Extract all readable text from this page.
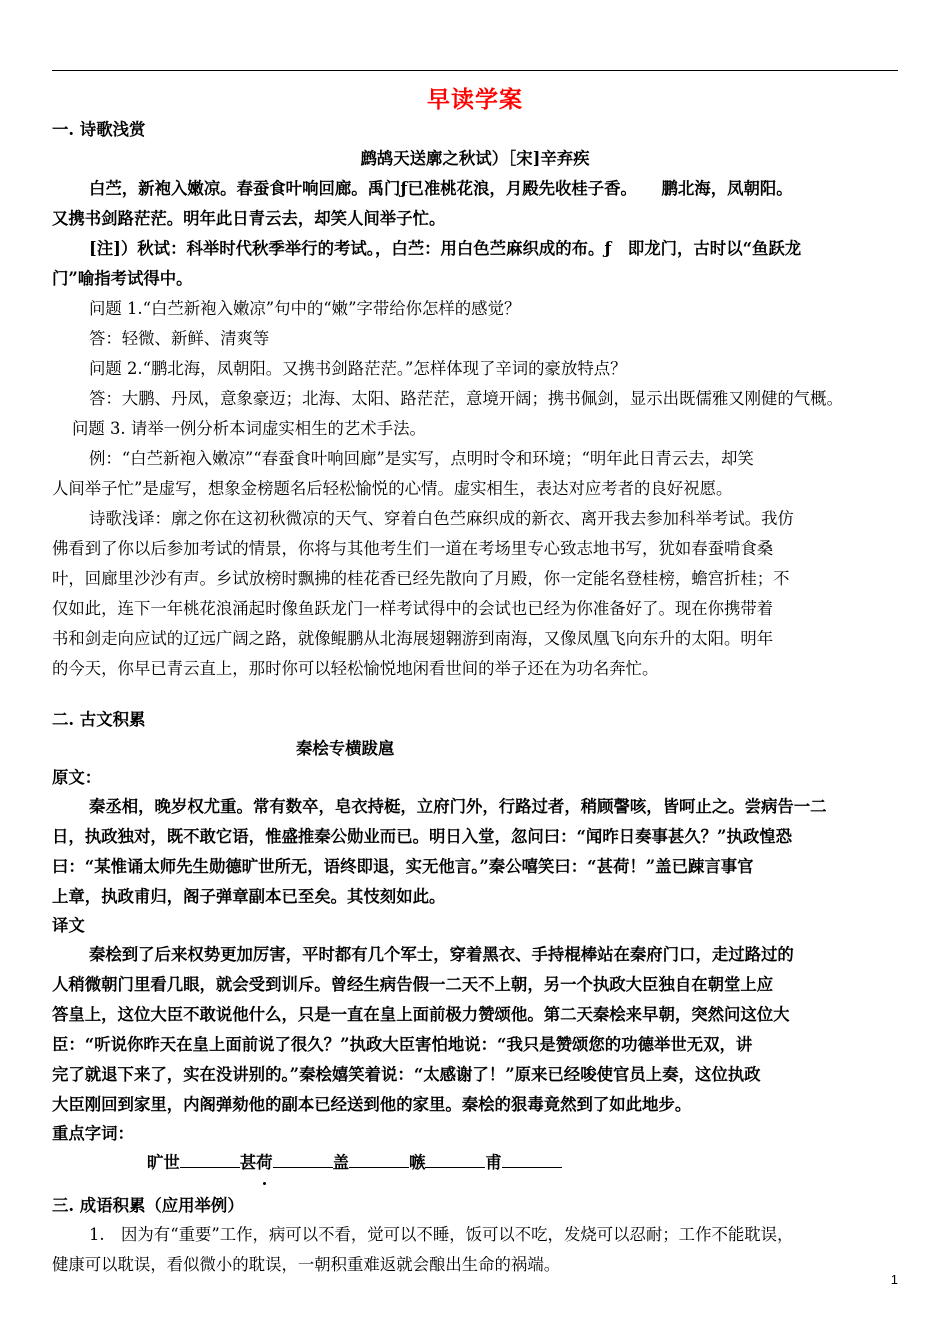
早读学案
一. 诗歌浅赏
鹧鸪天送廓之秋试）［宋]辛弃疾
白苎，新袍入嫩凉。春蚕食叶响回廊。禹门ƒ已准桃花浪，月殿先收桂子香。　　鹏北海，凤朝阳。
又携书剑路茫茫。明年此日青云去，却笑人间举子忙。
[注]）秋试：科举时代秋季举行的考试。，白苎：用白色苎麻织成的布。ƒ　即龙门，古时以“鱼跃龙
门”喻指考试得中。
问题 1.“白苎新袍入嫩凉”句中的“嫩”字带给你怎样的感觉？
答：轻微、新鲜、清爽等
问题 2.“鹏北海，凤朝阳。又携书剑路茫茫。”怎样体现了辛词的豪放特点？
答：大鹏、丹凤，意象豪迈；北海、太阳、路茫茫，意境开阔；携书佩剑，显示出既儒雅又刚健的气概。
问题 3. 请举一例分析本词虚实相生的艺术手法。
例：“白苎新袍入嫩凉”“春蚕食叶响回廊”是实写，点明时令和环境；“明年此日青云去，却笑
人间举子忙”是虚写，想象金榜题名后轻松愉悦的心情。虚实相生，表达对应考者的良好祝愿。
诗歌浅译：廓之你在这初秋微凉的天气、穿着白色苎麻织成的新衣、离开我去参加科举考试。我仿
佛看到了你以后参加考试的情景，你将与其他考生们一道在考场里专心致志地书写，犹如春蚕啃食桑
叶，回廊里沙沙有声。乡试放榜时飘拂的桂花香已经先散向了月殿，你一定能名登桂榜，蟾宫折桂；不
仅如此，连下一年桃花浪涌起时像鱼跃龙门一样考试得中的会试也已经为你准备好了。现在你携带着
书和剑走向应试的辽远广阔之路，就像鲲鹏从北海展翅翱游到南海，又像凤凰飞向东升的太阳。明年
的今天，你早已青云直上，那时你可以轻松愉悦地闲看世间的举子还在为功名奔忙。
二. 古文积累
秦桧专横跋扈
原文：
秦丞相，晚岁权尤重。常有数卒，皂衣持梃，立府门外，行路过者，稍顾謦咳，皆呵止之。尝病告一二
日，执政独对，既不敢它语，惟盛推秦公勋业而已。明日入堂，忽问曰：“闻昨日奏事甚久？”执政惶恐
曰：“某惟诵太师先生勋德旷世所无，语终即退，实无他言。”秦公嘻笑曰：“甚荷！”盖已踈言事官
上章，执政甫归，阁子弹章副本已至矣。其忮刻如此。
译文
秦桧到了后来权势更加厉害，平时都有几个军士，穿着黑衣、手持棍棒站在秦府门口，走过路过的
人稍微朝门里看几眼，就会受到训斥。曾经生病告假一二天不上朝，另一个执政大臣独自在朝堂上应
答皇上，这位大臣不敢说他什么，只是一直在皇上面前极力赞颂他。第二天秦桧来早朝，突然问这位大
臣：“听说你昨天在皇上面前说了很久？”执政大臣害怕地说：“我只是赞颂您的功德举世无双，讲
完了就退下来了，实在没讲别的。”秦桧嬉笑着说：“太感谢了！”原来已经唆使官员上奏，这位执政
大臣刚回到家里，内阁弹劾他的副本已经送到他的家里。秦桧的狠毒竟然到了如此地步。
重点字词：
旷世	甚荷	盖	嗾	甫
三. 成语积累（应用举例）
1.　因为有“重要”工作，病可以不看，觉可以不睡，饭可以不吃，发烧可以忍耐；工作不能耽误，
健康可以耽误，看似微小的耽误，一朝积重难返就会酿出生命的祸端。
1
